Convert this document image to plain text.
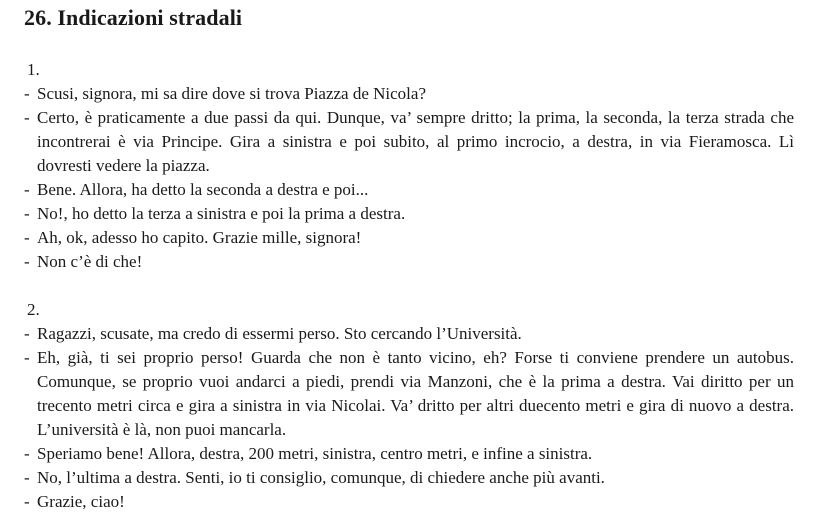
26. Indicazioni stradali
1.
- Scusi, signora, mi sa dire dove si trova Piazza de Nicola?
- Certo, è praticamente a due passi da qui. Dunque, va’ sempre dritto; la prima, la seconda, la terza strada che incontrerai è via Principe. Gira a sinistra e poi subito, al primo incrocio, a destra, in via Fieramosca. Lì dovresti vedere la piazza.
- Bene. Allora, ha detto la seconda a destra e poi...
- No!, ho detto la terza a sinistra e poi la prima a destra.
- Ah, ok, adesso ho capito. Grazie mille, signora!
- Non c’è di che!
2.
- Ragazzi, scusate, ma credo di essermi perso. Sto cercando l’Università.
- Eh, già, ti sei proprio perso! Guarda che non è tanto vicino, eh? Forse ti conviene prendere un autobus. Comunque, se proprio vuoi andarci a piedi, prendi via Manzoni, che è la prima a destra. Vai diritto per un trecento metri circa e gira a sinistra in via Nicolai. Va’ dritto per altri duecento metri e gira di nuovo a destra. L’università è là, non puoi mancarla.
- Speriamo bene! Allora, destra, 200 metri, sinistra, centro metri, e infine a sinistra.
- No, l’ultima a destra. Senti, io ti consiglio, comunque, di chiedere anche più avanti.
- Grazie, ciao!
